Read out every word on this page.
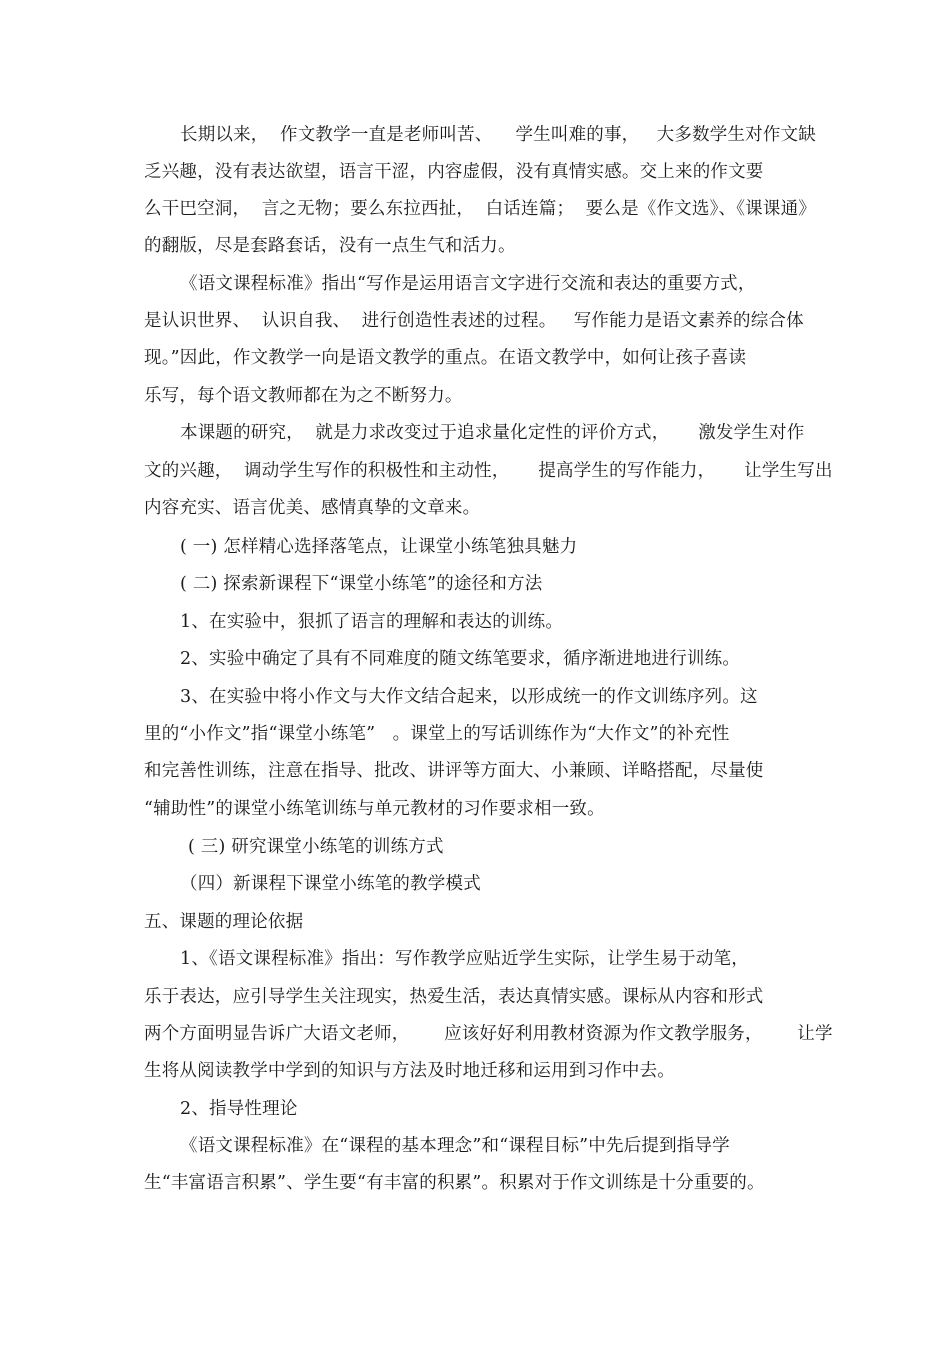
长期以来，  作文教学一直是老师叫苦、    学生叫难的事，   大多数学生对作文缺
乏兴趣，没有表达欲望，语言干涩，内容虚假，没有真情实感。交上来的作文要
么干巴空洞，  言之无物；要么东拉西扯，  白话连篇；  要么是《作文选》、《课课通》
的翻版，尽是套路套话，没有一点生气和活力。
《语文课程标准》指出“写作是运用语言文字进行交流和表达的重要方式，
是认识世界、  认识自我、  进行创造性表述的过程。   写作能力是语文素养的综合体
现。”因此，作文教学一向是语文教学的重点。在语文教学中，如何让孩子喜读
乐写，每个语文教师都在为之不断努力。
本课题的研究，  就是力求改变过于追求量化定性的评价方式，     激发学生对作
文的兴趣，  调动学生写作的积极性和主动性，     提高学生的写作能力，     让学生写出
内容充实、语言优美、感情真挚的文章来。
( 一) 怎样精心选择落笔点，让课堂小练笔独具魅力
( 二) 探索新课程下“课堂小练笔”的途径和方法
1、在实验中，狠抓了语言的理解和表达的训练。
2、实验中确定了具有不同难度的随文练笔要求，循序渐进地进行训练。
3、在实验中将小作文与大作文结合起来，以形成统一的作文训练序列。这
里的“小作文”指“课堂小练笔”   。课堂上的写话训练作为“大作文”的补充性
和完善性训练，注意在指导、批改、讲评等方面大、小兼顾、详略搭配，尽量使
“辅助性”的课堂小练笔训练与单元教材的习作要求相一致。
( 三) 研究课堂小练笔的训练方式
（四）新课程下课堂小练笔的教学模式
五、课题的理论依据
1、《语文课程标准》指出：写作教学应贴近学生实际，让学生易于动笔，
乐于表达，应引导学生关注现实，热爱生活，表达真情实感。课标从内容和形式
两个方面明显告诉广大语文老师，      应该好好利用教材资源为作文教学服务，      让学
生将从阅读教学中学到的知识与方法及时地迁移和运用到习作中去。
2、指导性理论
《语文课程标准》在“课程的基本理念”和“课程目标”中先后提到指导学
生“丰富语言积累”、学生要“有丰富的积累”。积累对于作文训练是十分重要的。
